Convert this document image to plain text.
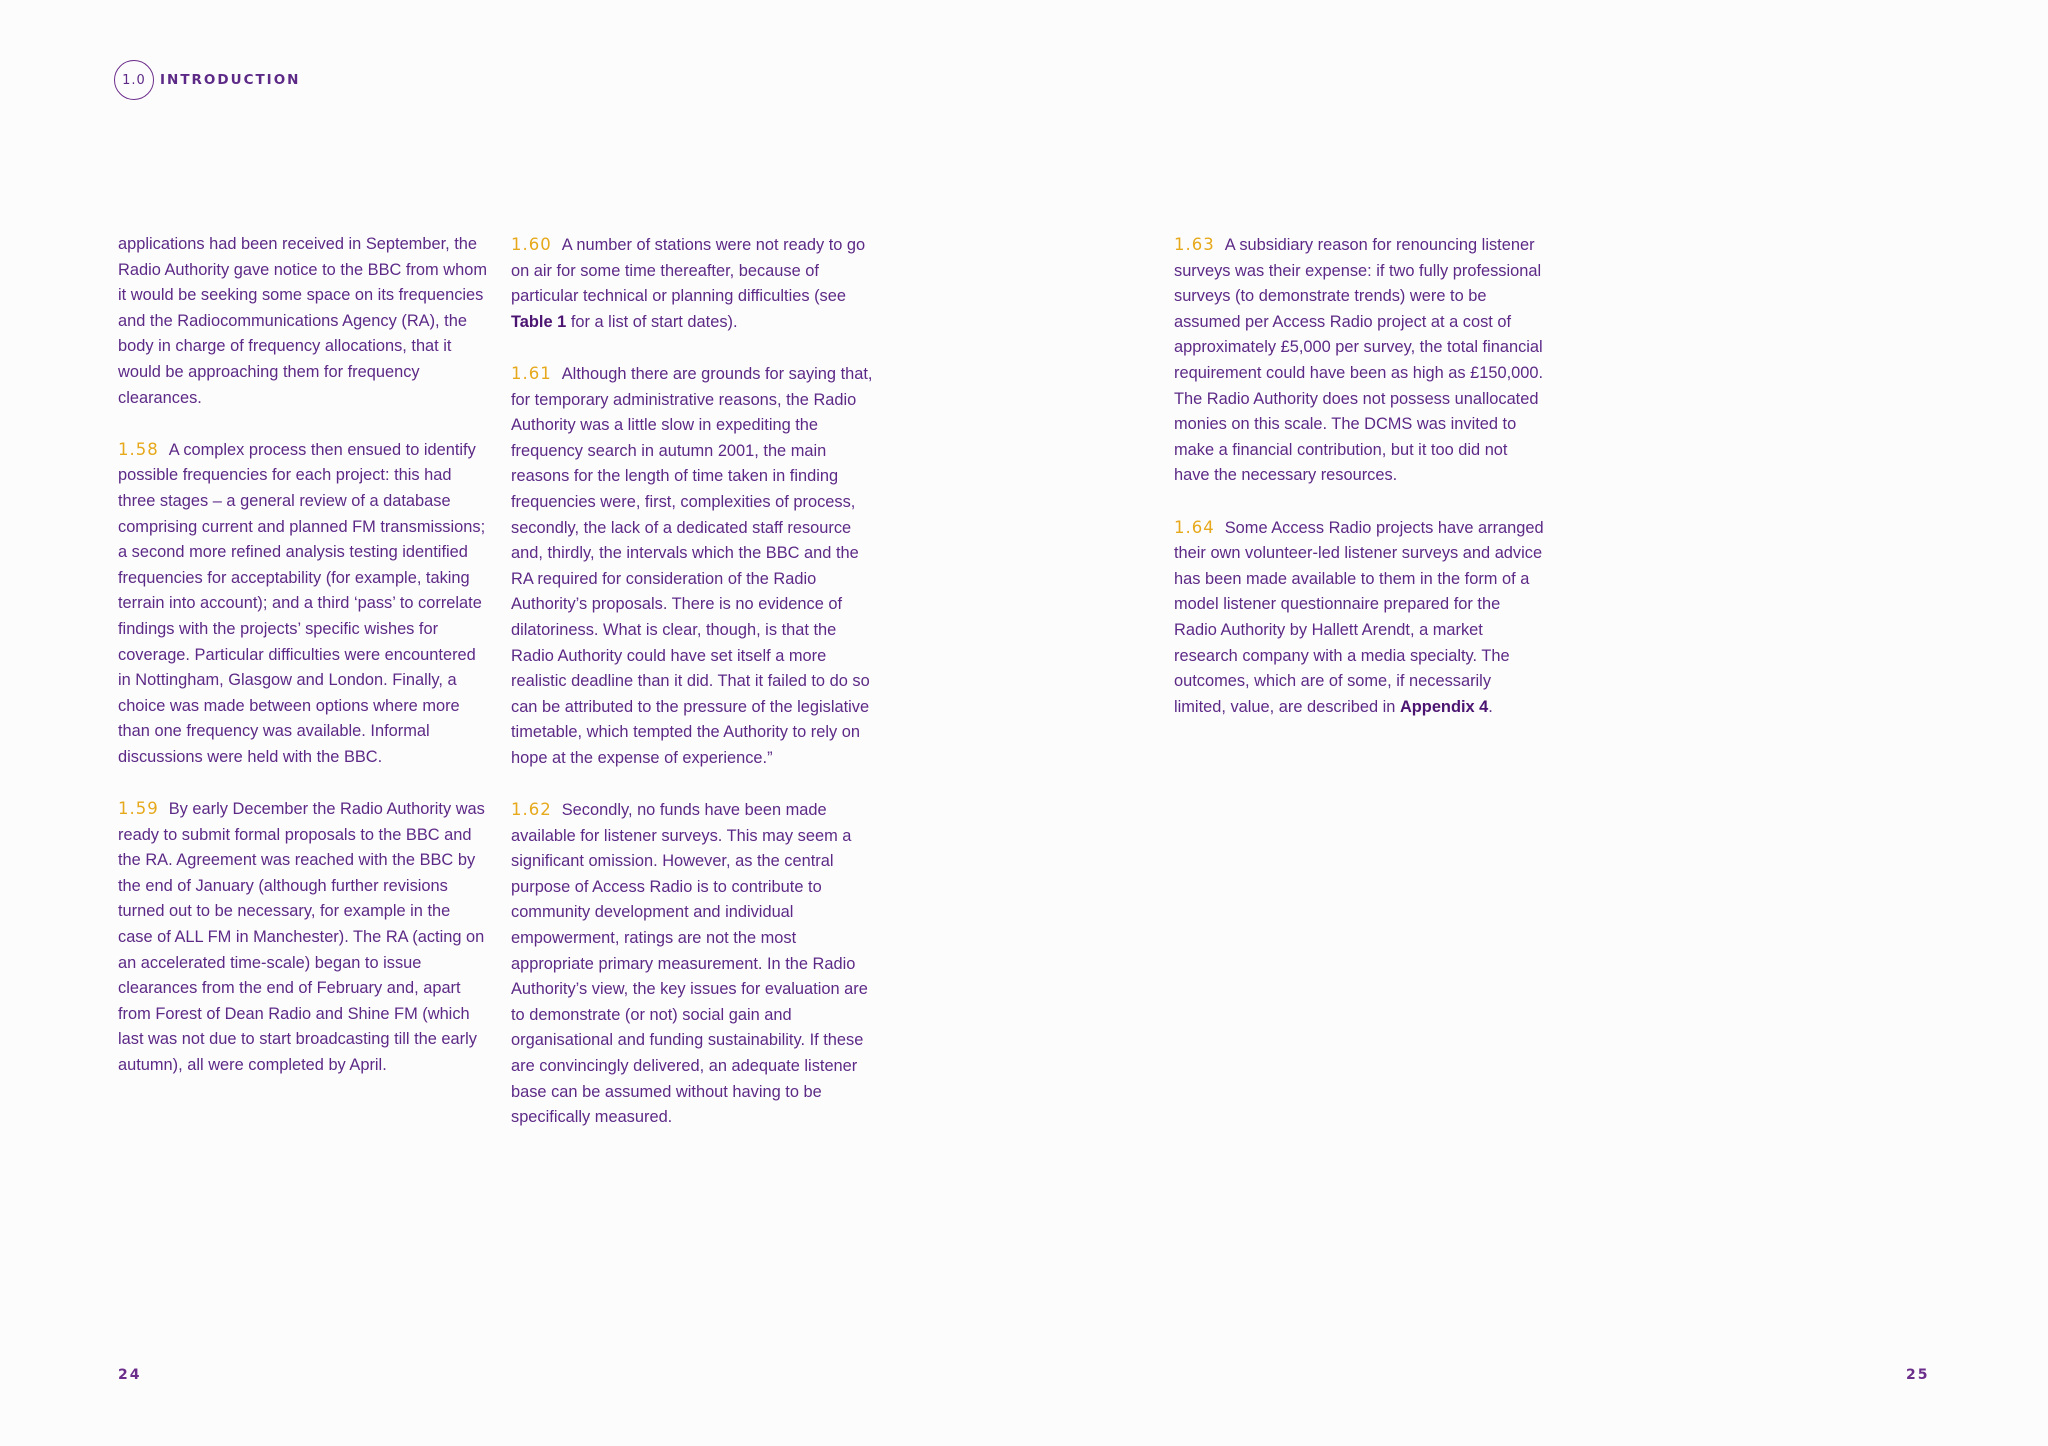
1.0	INTRODUCTION

applications had been received in September, the Radio Authority gave notice to the BBC from whom it would be seeking some space on its frequencies and the Radiocommunications Agency (RA), the body in charge of frequency allocations, that it would be approaching them for frequency clearances.

1.58 A complex process then ensued to identify possible frequencies for each project: this had three stages – a general review of a database comprising current and planned FM transmissions; a second more refined analysis testing identified frequencies for acceptability (for example, taking terrain into account); and a third ‘pass’ to correlate findings with the projects’ specific wishes for coverage. Particular difficulties were encountered in Nottingham, Glasgow and London. Finally, a choice was made between options where more than one frequency was available. Informal discussions were held with the BBC.

1.59 By early December the Radio Authority was ready to submit formal proposals to the BBC and the RA. Agreement was reached with the BBC by the end of January (although further revisions turned out to be necessary, for example in the case of ALL FM in Manchester). The RA (acting on an accelerated time-scale) began to issue clearances from the end of February and, apart from Forest of Dean Radio and Shine FM (which last was not due to start broadcasting till the early autumn), all were completed by April.

1.60 A number of stations were not ready to go on air for some time thereafter, because of particular technical or planning difficulties (see Table 1 for a list of start dates).

1.61 Although there are grounds for saying that, for temporary administrative reasons, the Radio Authority was a little slow in expediting the frequency search in autumn 2001, the main reasons for the length of time taken in finding frequencies were, first, complexities of process, secondly, the lack of a dedicated staff resource and, thirdly, the intervals which the BBC and the RA required for consideration of the Radio Authority’s proposals. There is no evidence of dilatoriness. What is clear, though, is that the Radio Authority could have set itself a more realistic deadline than it did. That it failed to do so can be attributed to the pressure of the legislative timetable, which tempted the Authority to rely on hope at the expense of experience.”

1.62 Secondly, no funds have been made available for listener surveys. This may seem a significant omission. However, as the central purpose of Access Radio is to contribute to community development and individual empowerment, ratings are not the most appropriate primary measurement. In the Radio Authority’s view, the key issues for evaluation are to demonstrate (or not) social gain and organisational and funding sustainability. If these are convincingly delivered, an adequate listener base can be assumed without having to be specifically measured.

1.63 A subsidiary reason for renouncing listener surveys was their expense: if two fully professional surveys (to demonstrate trends) were to be assumed per Access Radio project at a cost of approximately £5,000 per survey, the total financial requirement could have been as high as £150,000. The Radio Authority does not possess unallocated monies on this scale. The DCMS was invited to make a financial contribution, but it too did not have the necessary resources.

1.64 Some Access Radio projects have arranged their own volunteer-led listener surveys and advice has been made available to them in the form of a model listener questionnaire prepared for the Radio Authority by Hallett Arendt, a market research company with a media specialty. The outcomes, which are of some, if necessarily limited, value, are described in Appendix 4.

24	25
